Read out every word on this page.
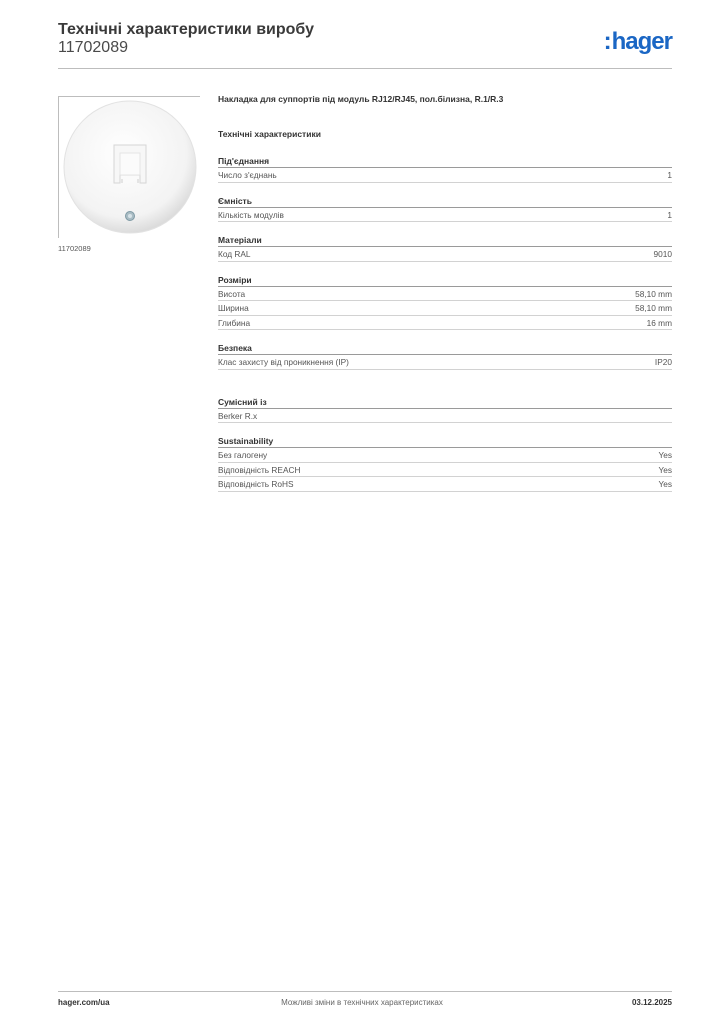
Технічні характеристики виробу
11702089	:hager
11702089
Накладка для суппортів під модуль RJ12/RJ45, пол.білизна, R.1/R.3
Технічні характеристики
Під'єднання
Число з'єднань	1
Ємність
Кількість модулів	1
Матеріали
Код RAL	9010
Розміри
Висота	58,10 mm
Ширина	58,10 mm
Глибина	16 mm
Безпека
Клас захисту від проникнення (IP)	IP20
Сумісний із
Berker R.x
Sustainability
Без галогену	Yes
Відповідність REACH	Yes
Відповідність RoHS	Yes
Можливі зміни в технічних характеристиках
hager.com/ua	03.12.2025
